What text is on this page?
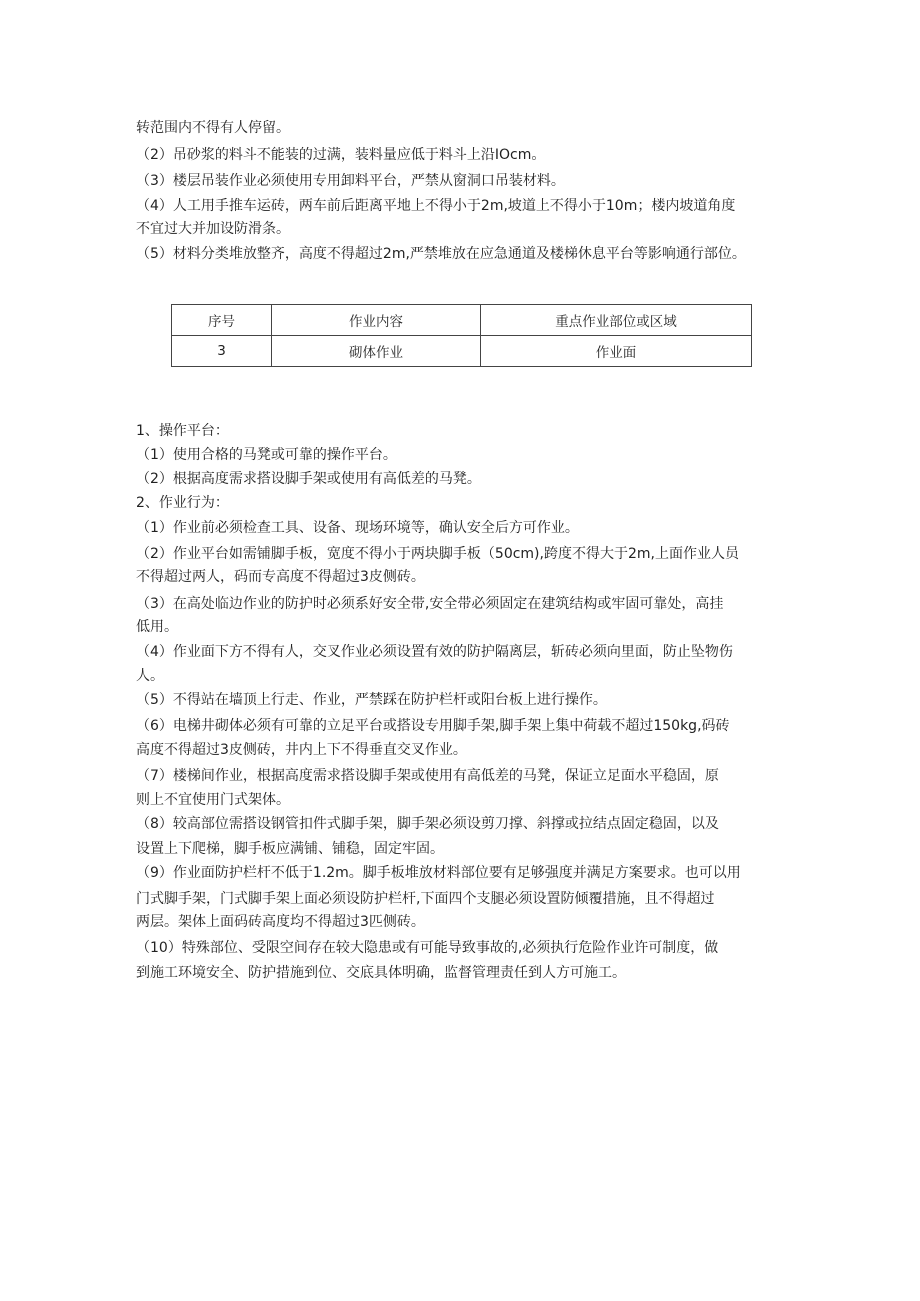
转范围内不得有人停留。
（2）吊砂浆的料斗不能装的过满，装料量应低于料斗上沿IOcm。
（3）楼层吊装作业必须使用专用卸料平台，严禁从窗洞口吊装材料。
（4）人工用手推车运砖，两车前后距离平地上不得小于2m,坡道上不得小于10m；楼内坡道角度
不宜过大并加设防滑条。
（5）材料分类堆放整齐，高度不得超过2m,严禁堆放在应急通道及楼梯休息平台等影响通行部位。
序号	作业内容	重点作业部位或区域
3	砌体作业	作业面
1、操作平台：
（1）使用合格的马凳或可靠的操作平台。
（2）根据高度需求搭设脚手架或使用有高低差的马凳。
2、作业行为：
（1）作业前必须检查工具、设备、现场环境等，确认安全后方可作业。
（2）作业平台如需铺脚手板，宽度不得小于两块脚手板（50cm),跨度不得大于2m,上面作业人员
不得超过两人，码而专高度不得超过3皮侧砖。
（3）在高处临边作业的防护时必须系好安全带,安全带必须固定在建筑结构或牢固可靠处，高挂
低用。
（4）作业面下方不得有人，交叉作业必须设置有效的防护隔离层，斩砖必须向里面，防止坠物伤
人。
（5）不得站在墙顶上行走、作业，严禁踩在防护栏杆或阳台板上进行操作。
（6）电梯井砌体必须有可靠的立足平台或搭设专用脚手架,脚手架上集中荷载不超过150kg,码砖
高度不得超过3皮侧砖，井内上下不得垂直交叉作业。
（7）楼梯间作业，根据高度需求搭设脚手架或使用有高低差的马凳，保证立足面水平稳固，原
则上不宜使用门式架体。
（8）较高部位需搭设钢管扣件式脚手架，脚手架必须设剪刀撑、斜撑或拉结点固定稳固，以及
设置上下爬梯，脚手板应满铺、铺稳，固定牢固。
（9）作业面防护栏杆不低于1.2m。脚手板堆放材料部位要有足够强度并满足方案要求。也可以用
门式脚手架，门式脚手架上面必须设防护栏杆,下面四个支腿必须设置防倾覆措施，且不得超过
两层。架体上面码砖高度均不得超过3匹侧砖。
（10）特殊部位、受限空间存在较大隐患或有可能导致事故的,必须执行危险作业许可制度，做
到施工环境安全、防护措施到位、交底具体明确，监督管理责任到人方可施工。
